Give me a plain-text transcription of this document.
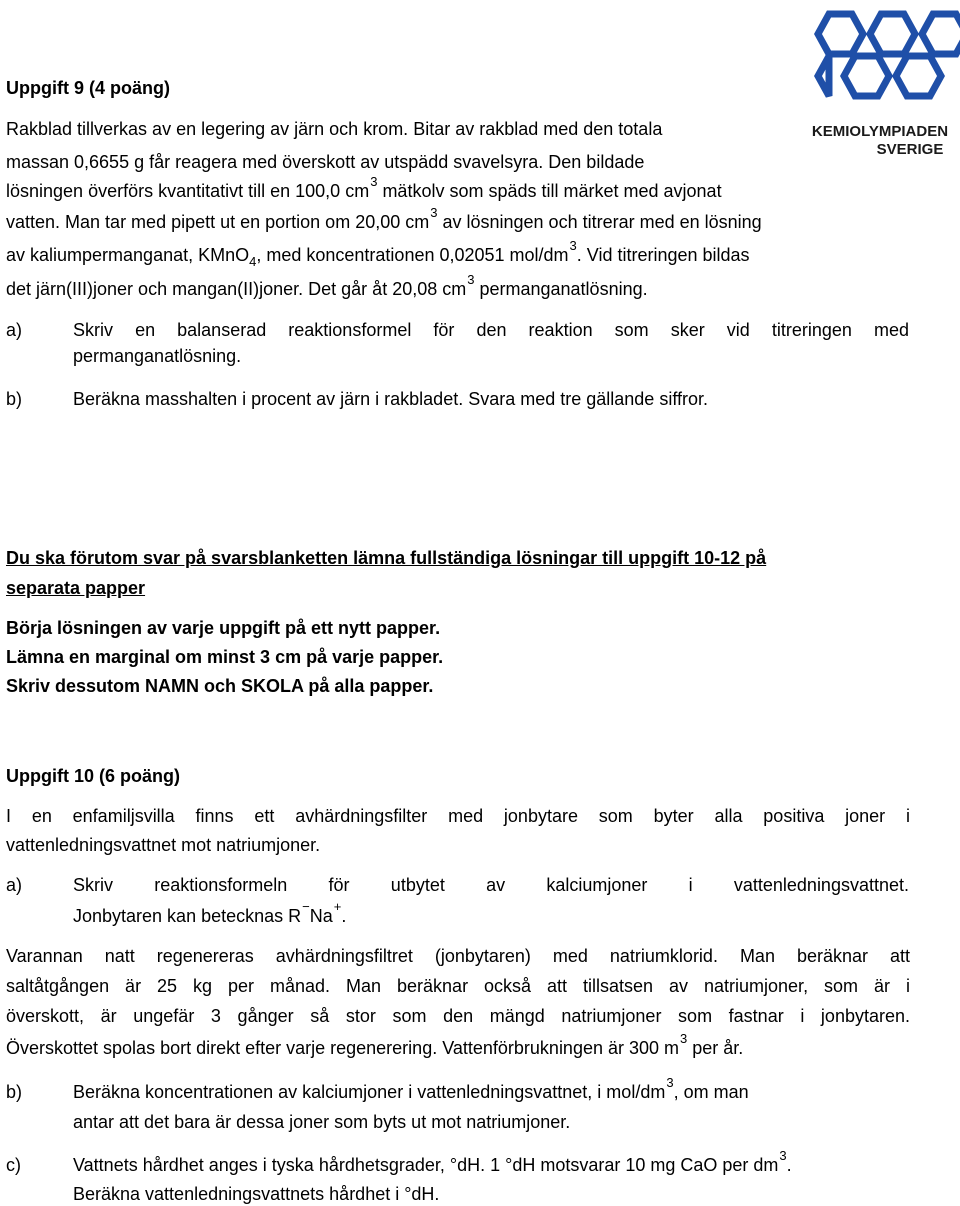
KEMIOLYMPIADEN
SVERIGE
Uppgift 9 (4 poäng)
Rakblad tillverkas av en legering av järn och krom. Bitar av rakblad med den totala
massan 0,6655 g får reagera med överskott av utspädd svavelsyra. Den bildade
lösningen överförs kvantitativt till en 100,0 $cm^3$ mätkolv som späds till märket med avjonat
vatten. Man tar med pipett ut en portion om 20,00 $cm^3$ av lösningen och titrerar med en lösning
av kaliumpermanganat, KMnO$_4$, med koncentrationen 0,02051 mol/$dm^3$. Vid titreringen bildas
det järn(III)joner och mangan(II)joner. Det går åt 20,08 $cm^3$ permanganatlösning.
a)	Skriv en balanserad reaktionsformel för den reaktion som sker vid titreringen med
permanganatlösning.
b)	Beräkna masshalten i procent av järn i rakbladet. Svara med tre gällande siffror.
Du ska förutom svar på svarsblanketten lämna fullständiga lösningar till uppgift 10-12 på
separata papper
Börja lösningen av varje uppgift på ett nytt papper.
Lämna en marginal om minst 3 cm på varje papper.
Skriv dessutom NAMN och SKOLA på alla papper.
Uppgift 10 (6 poäng)
I en enfamiljsvilla finns ett avhärdningsfilter med jonbytare som byter alla positiva joner i
vattenledningsvattnet mot natriumjoner.
a)	Skriv reaktionsformeln för utbytet av kalciumjoner i vattenledningsvattnet.
Jonbytaren kan betecknas R−Na+.
Varannan natt regenereras avhärdningsfiltret (jonbytaren) med natriumklorid. Man beräknar att
saltåtgången är 25 kg per månad. Man beräknar också att tillsatsen av natriumjoner, som är i
överskott, är ungefär 3 gånger så stor som den mängd natriumjoner som fastnar i jonbytaren.
Överskottet spolas bort direkt efter varje regenerering. Vattenförbrukningen är 300 $m^3$ per år.
b)	Beräkna koncentrationen av kalciumjoner i vattenledningsvattnet, i mol/$dm^3$, om man
antar att det bara är dessa joner som byts ut mot natriumjoner.
c)	Vattnets hårdhet anges i tyska hårdhetsgrader, °dH. 1 °dH motsvarar 10 mg CaO per $dm^3$.
Beräkna vattenledningsvattnets hårdhet i °dH.
